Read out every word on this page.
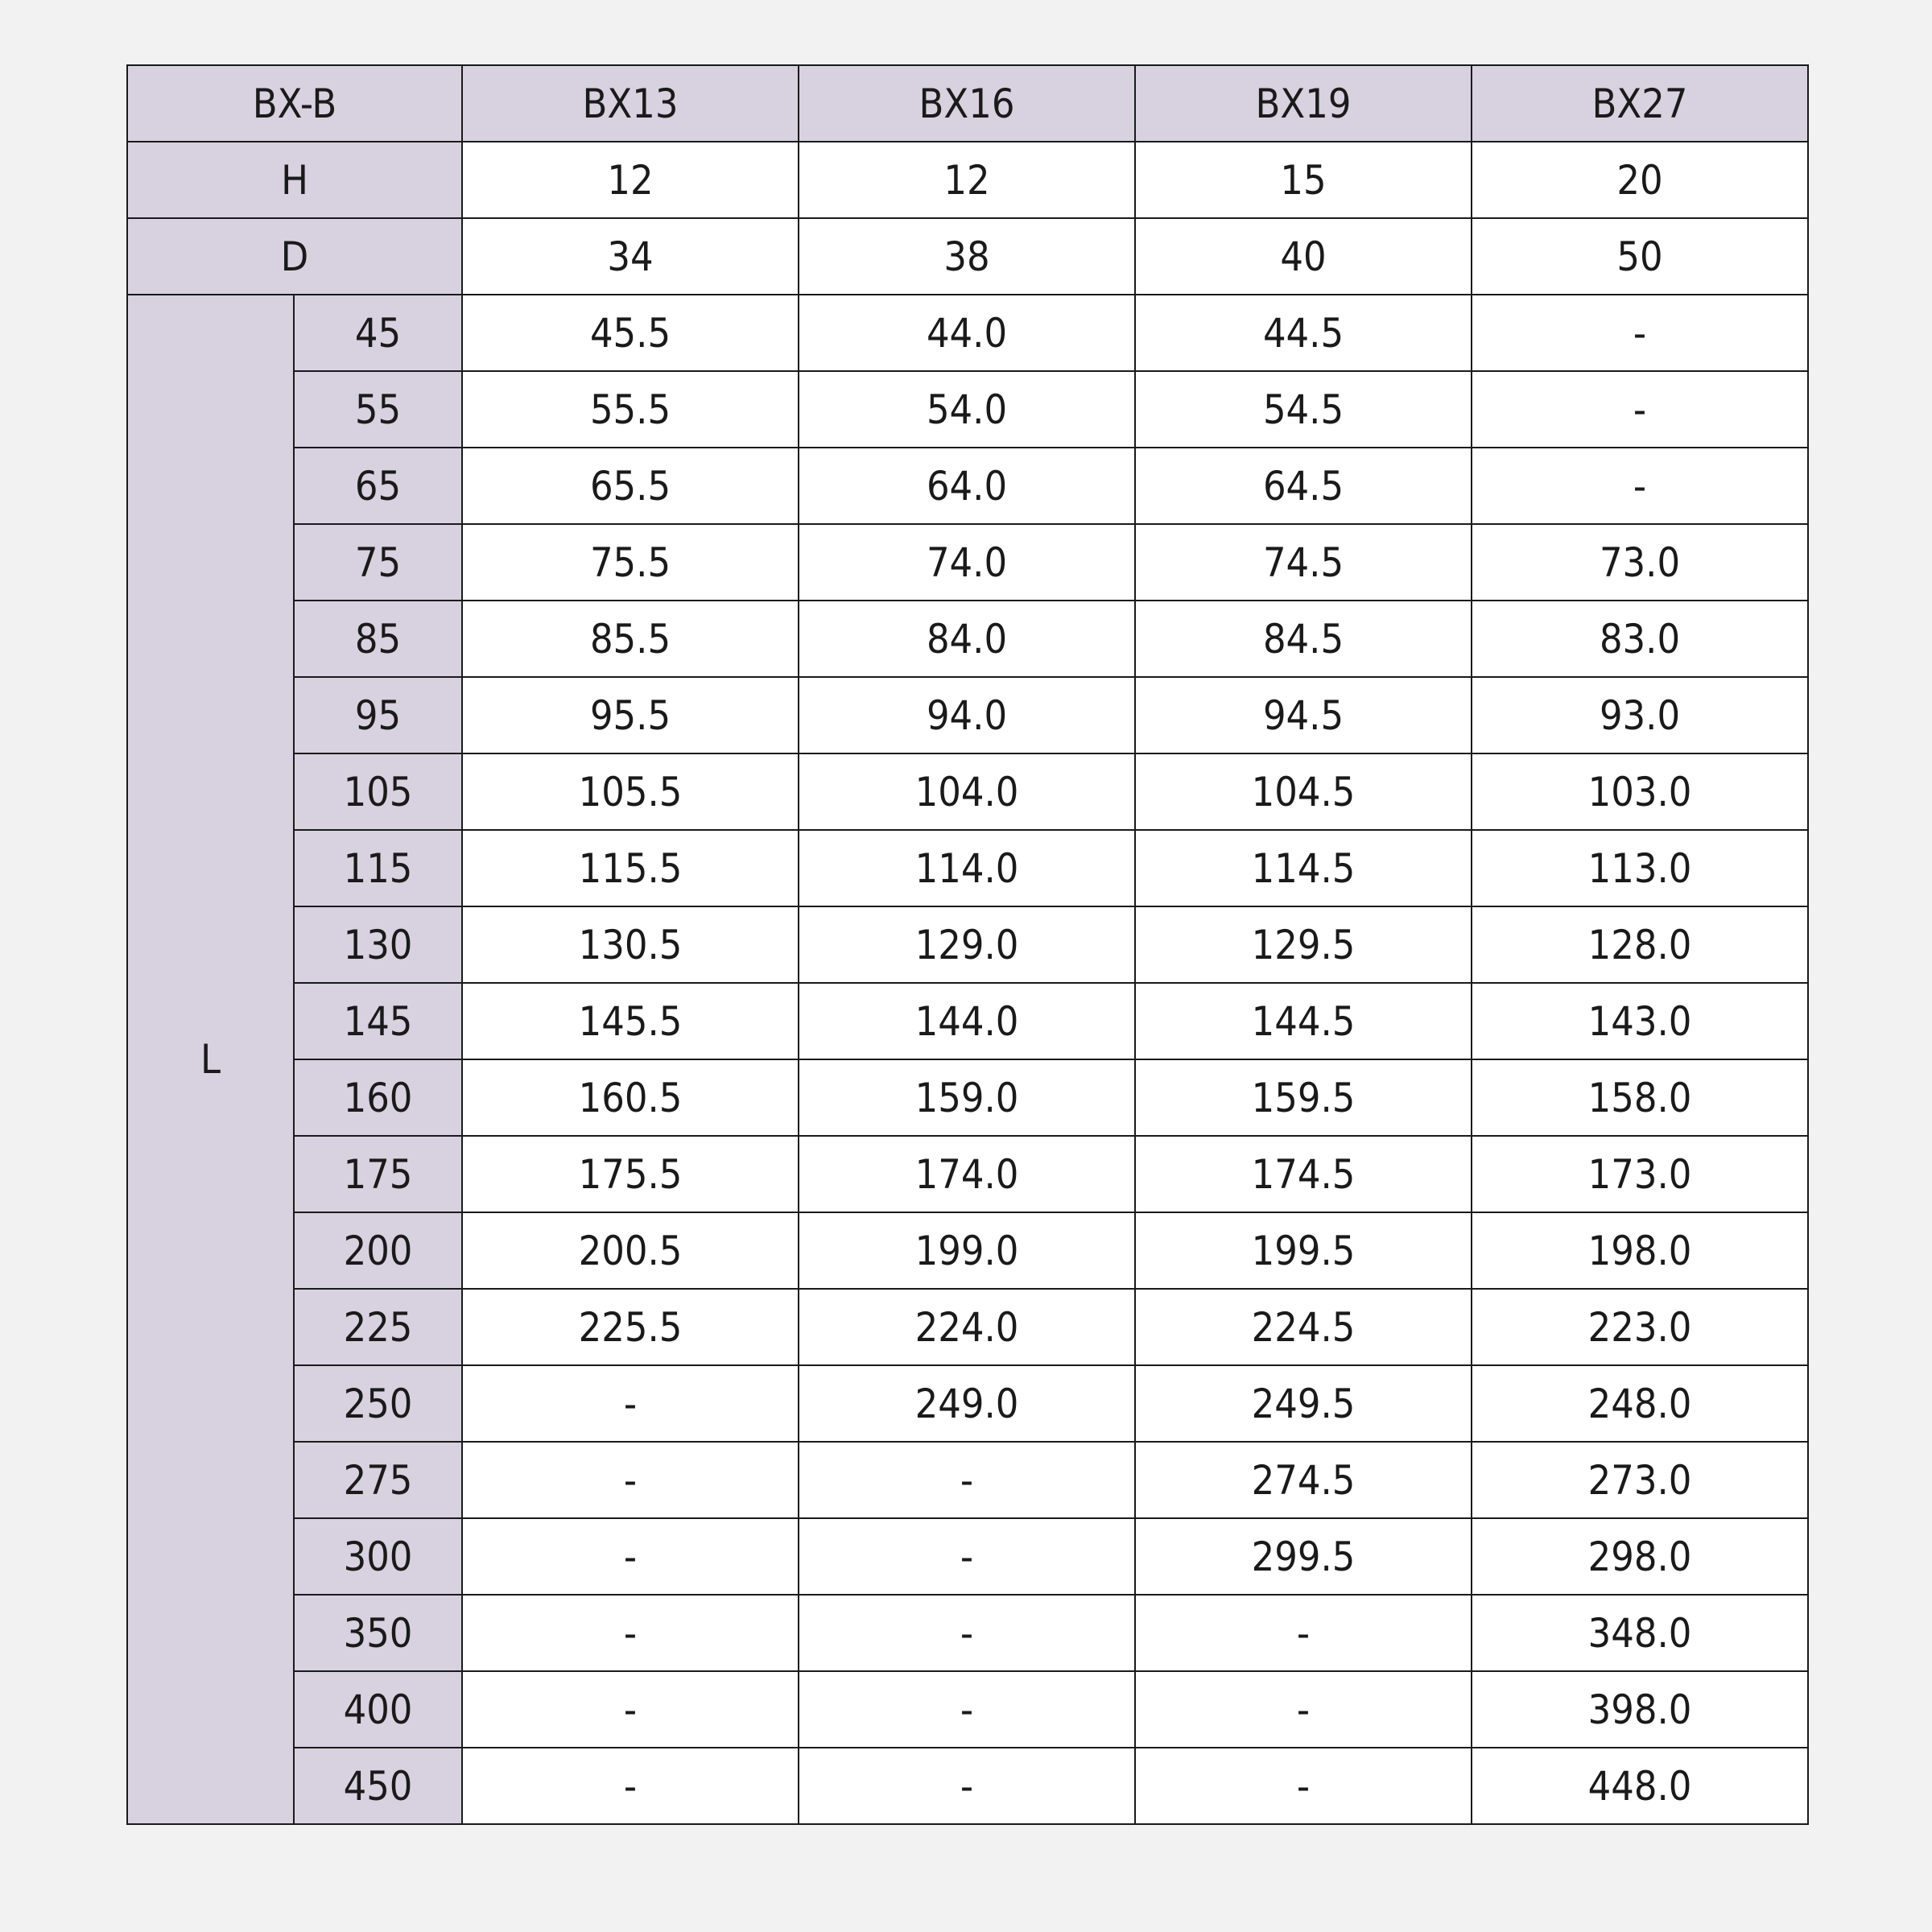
BX-B		BX13	BX16	BX19	BX27
H		12	12	15	20
D		34	38	40	50
L	45	45.5	44.0	44.5	-
	55	55.5	54.0	54.5	-
	65	65.5	64.0	64.5	-
	75	75.5	74.0	74.5	73.0
	85	85.5	84.0	84.5	83.0
	95	95.5	94.0	94.5	93.0
	105	105.5	104.0	104.5	103.0
	115	115.5	114.0	114.5	113.0
	130	130.5	129.0	129.5	128.0
	145	145.5	144.0	144.5	143.0
	160	160.5	159.0	159.5	158.0
	175	175.5	174.0	174.5	173.0
	200	200.5	199.0	199.5	198.0
	225	225.5	224.0	224.5	223.0
	250	-	249.0	249.5	248.0
	275	-	-	274.5	273.0
	300	-	-	299.5	298.0
	350	-	-	-	348.0
	400	-	-	-	398.0
	450	-	-	-	448.0
